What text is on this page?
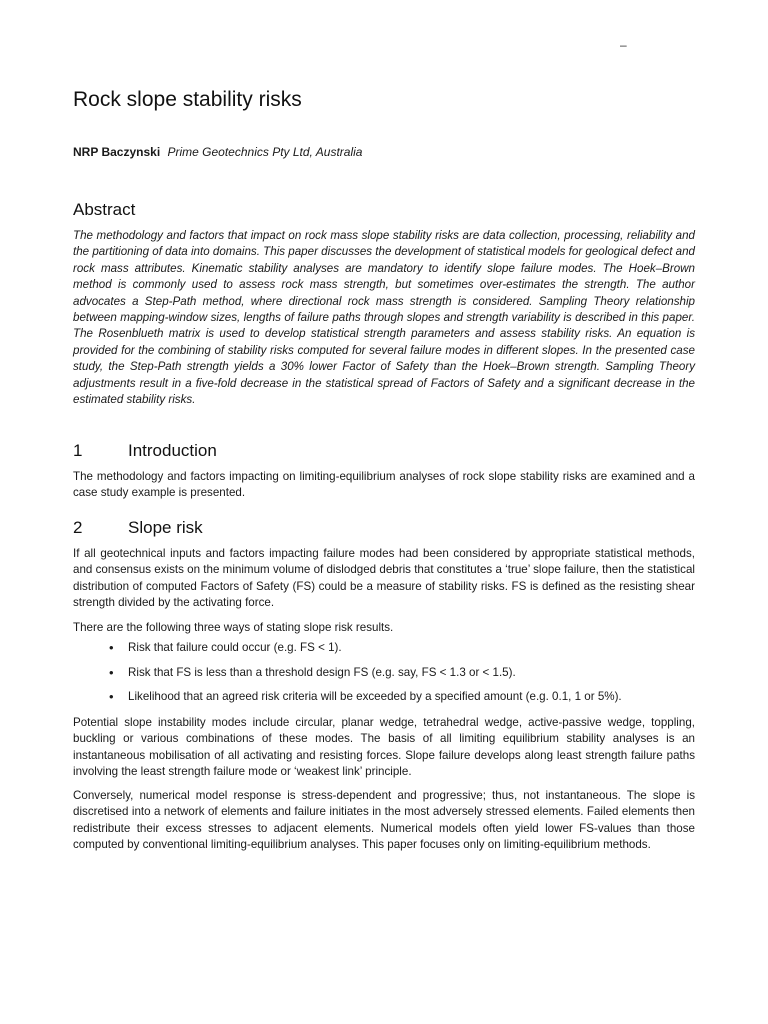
–
Rock slope stability risks
NRP Baczynski Prime Geotechnics Pty Ltd, Australia
Abstract

The methodology and factors that impact on rock mass slope stability risks are data collection, processing, reliability and the partitioning of data into domains. This paper discusses the development of statistical models for geological defect and rock mass attributes. Kinematic stability analyses are mandatory to identify slope failure modes. The Hoek–Brown method is commonly used to assess rock mass strength, but sometimes over-estimates the strength. The author advocates a Step-Path method, where directional rock mass strength is considered. Sampling Theory relationship between mapping-window sizes, lengths of failure paths through slopes and strength variability is described in this paper. The Rosenblueth matrix is used to develop statistical strength parameters and assess stability risks. An equation is provided for the combining of stability risks computed for several failure modes in different slopes. In the presented case study, the Step-Path strength yields a 30% lower Factor of Safety than the Hoek–Brown strength. Sampling Theory adjustments result in a five-fold decrease in the statistical spread of Factors of Safety and a significant decrease in the estimated stability risks.

1	Introduction

The methodology and factors impacting on limiting-equilibrium analyses of rock slope stability risks are examined and a case study example is presented.

2	Slope risk

If all geotechnical inputs and factors impacting failure modes had been considered by appropriate statistical methods, and consensus exists on the minimum volume of dislodged debris that constitutes a ‘true’ slope failure, then the statistical distribution of computed Factors of Safety (FS) could be a measure of stability risks. FS is defined as the resisting shear strength divided by the activating force.

There are the following three ways of stating slope risk results.

• Risk that failure could occur (e.g. FS < 1).
• Risk that FS is less than a threshold design FS (e.g. say, FS < 1.3 or < 1.5).
• Likelihood that an agreed risk criteria will be exceeded by a specified amount (e.g. 0.1, 1 or 5%).

Potential slope instability modes include circular, planar wedge, tetrahedral wedge, active-passive wedge, toppling, buckling or various combinations of these modes. The basis of all limiting equilibrium stability analyses is an instantaneous mobilisation of all activating and resisting forces. Slope failure develops along least strength failure paths involving the least strength failure mode or ‘weakest link’ principle.

Conversely, numerical model response is stress-dependent and progressive; thus, not instantaneous. The slope is discretised into a network of elements and failure initiates in the most adversely stressed elements. Failed elements then redistribute their excess stresses to adjacent elements. Numerical models often yield lower FS-values than those computed by conventional limiting-equilibrium analyses. This paper focuses only on limiting-equilibrium methods.
